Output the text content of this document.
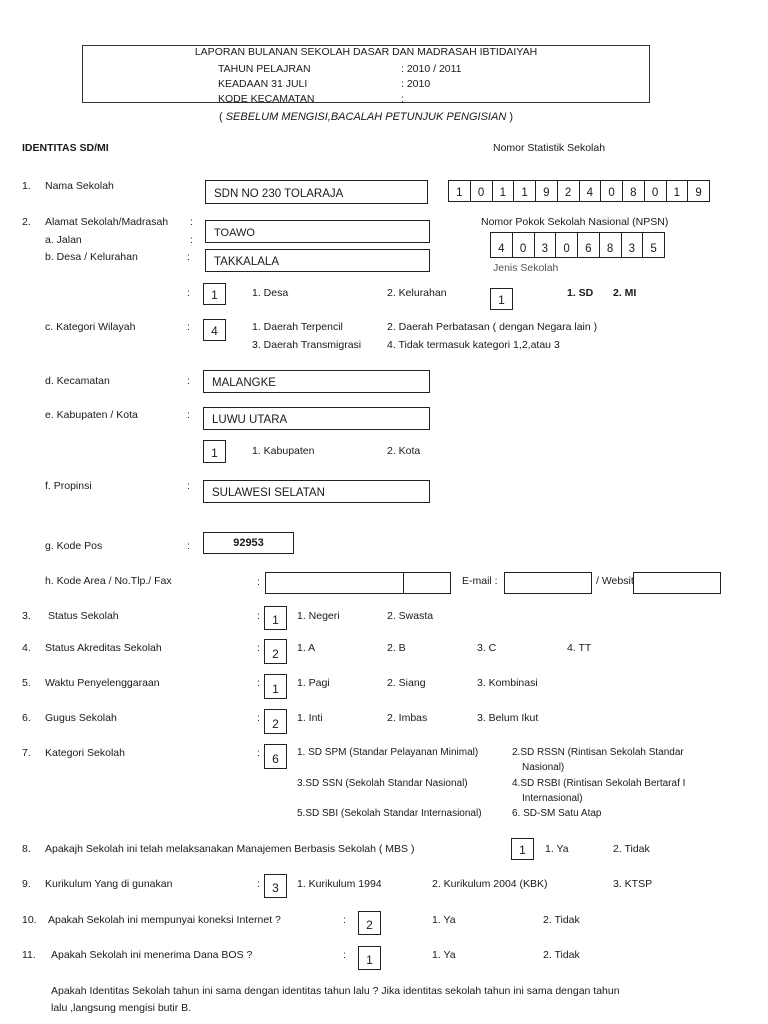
LAPORAN BULANAN SEKOLAH DASAR DAN MADRASAH IBTIDAIYAH
TAHUN PELAJRAN	: 2010 / 2011
KEADAAN 31 JULI	: 2010
KODE KECAMATAN	:
( SEBELUM MENGISI,BACALAH PETUNJUK PENGISIAN )
IDENTITAS SD/MI	Nomor Statistik Sekolah
1. Nama Sekolah
SDN NO 230 TOLARAJA	1	0	1	1	9	2	4	0	8	0	1	9
2. Alamat Sekolah/Madrasah :
a. Jalan	:
TOAWO
b. Desa / Kelurahan	:	TAKKALALA
Nomor Pokok Sekolah Nasional (NPSN)
4	0	3	0	6	8	3	5
Jenis Sekolah
:	1	1. Desa	2. Kelurahan	1	1. SD 2. MI
c. Kategori Wilayah	:	4	1. Daerah Terpencil	2. Daerah Perbatasan ( dengan Negara lain )
3. Daerah Transmigrasi 4. Tidak termasuk kategori 1,2,atau 3
d. Kecamatan	:	MALANGKE
e. Kabupaten / Kota	:	LUWU UTARA
1	1. Kabupaten	2. Kota
f. Propinsi	:
SULAWESI SELATAN
g. Kode Pos	:	92953
h. Kode Area / No.Tlp./ Fax	:	E-mail :	/ Websit
3. Status Sekolah	:	1	1. Negeri	2. Swasta
4. Status Akreditas Sekolah	:	2	1. A	2. B	3. C	4. TT
5. Waktu Penyelenggaraan	:	1	1. Pagi	2. Siang	3. Kombinasi
6. Gugus Sekolah	:	2	1. Inti	2. Imbas	3. Belum Ikut
7. Kategori Sekolah	:	6	1. SD SPM (Standar Pelayanan Minimal)	2.SD RSSN (Rintisan Sekolah Standar
Nasional)
3.SD SSN (Sekolah Standar Nasional)	4.SD RSBI (Rintisan Sekolah Bertaraf I
Internasional)
5.SD SBI (Sekolah Standar Internasional)	6. SD-SM Satu Atap
8. Apakajh Sekolah ini telah melaksanakan Manajemen Berbasis Sekolah ( MBS )	1	1. Ya	2. Tidak
9. Kurikulum Yang di gunakan	:	3	1. Kurikulum 1994	2. Kurikulum 2004 (KBK)	3. KTSP
10. Apakah Sekolah ini mempunyai koneksi Internet ?	:	2	1. Ya	2. Tidak
11. Apakah Sekolah ini menerima Dana BOS ?	:	1	1. Ya	2. Tidak
Apakah Identitas Sekolah tahun ini sama dengan identitas tahun lalu ? Jika identitas sekolah tahun ini sama dengan tahun
lalu ,langsung mengisi butir B.
